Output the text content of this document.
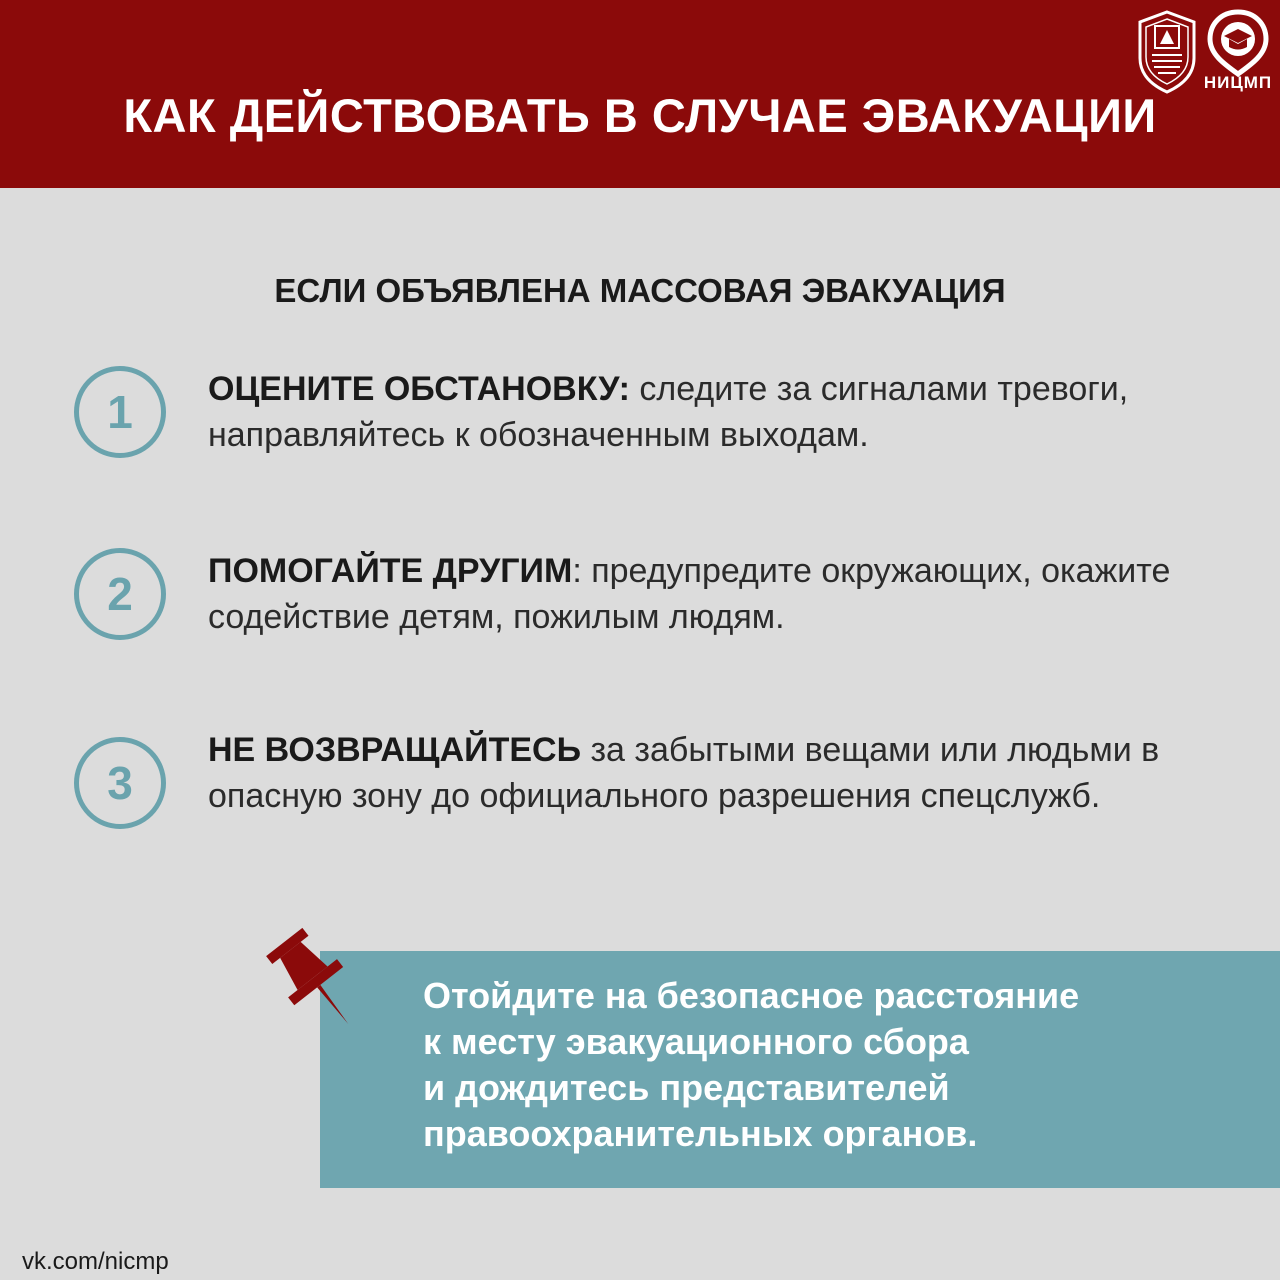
КАК ДЕЙСТВОВАТЬ В СЛУЧАЕ ЭВАКУАЦИИ
НИЦМП
ЕСЛИ ОБЪЯВЛЕНА МАССОВАЯ ЭВАКУАЦИЯ
1	ОЦЕНИТЕ ОБСТАНОВКУ: следите за сигналами тревоги, направляйтесь к обозначенным выходам.
2	ПОМОГАЙТЕ ДРУГИМ: предупредите окружающих, окажите содействие детям, пожилым людям.
3
НЕ ВОЗВРАЩАЙТЕСЬ за забытыми вещами или людьми в опасную зону до официального разрешения спецслужб.
Отойдите на безопасное расстояние
к месту эвакуационного сбора
и дождитесь представителей
правоохранительных органов.
vk.com/nicmp
